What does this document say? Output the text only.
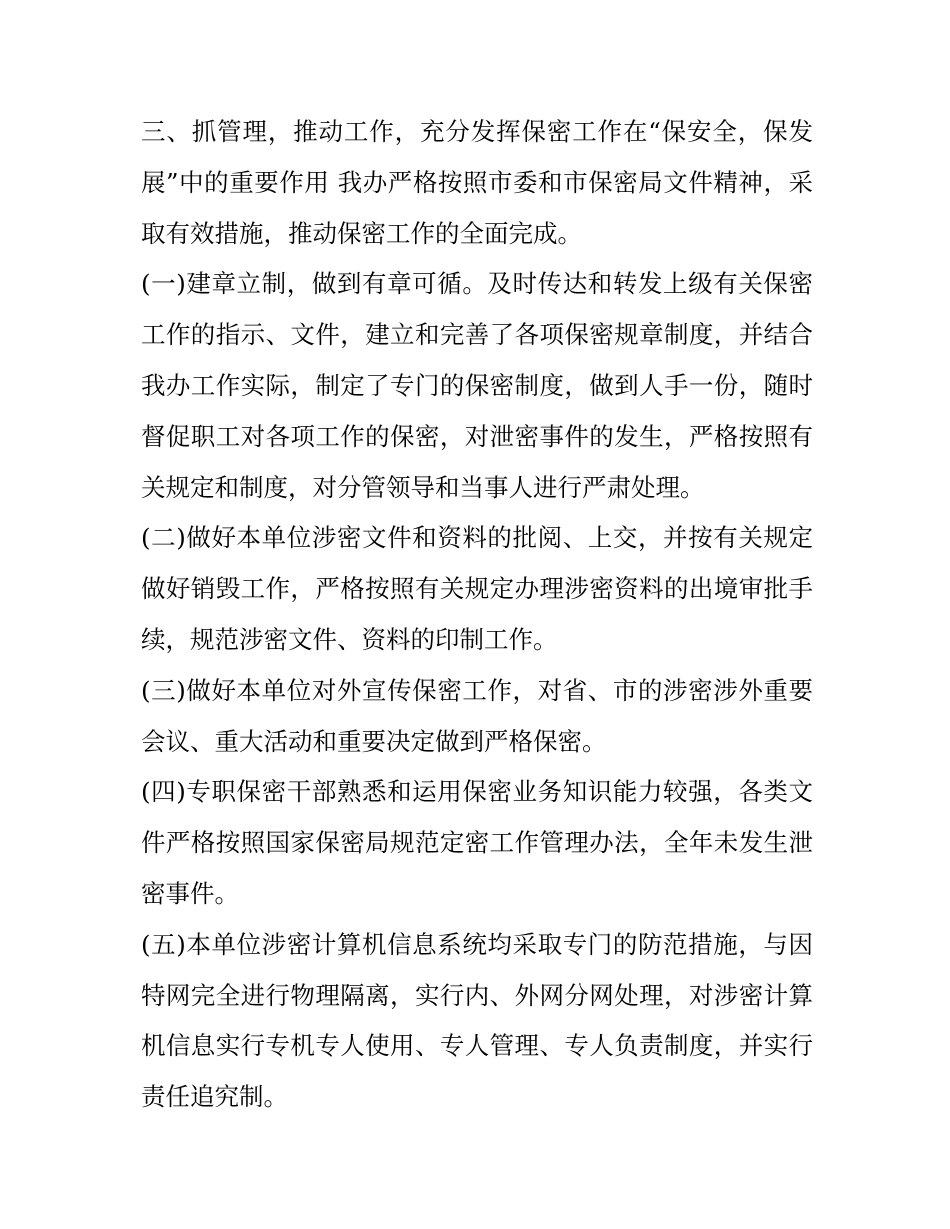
三、抓管理，推动工作，充分发挥保密工作在“保安全，保发展”中的重要作用 我办严格按照市委和市保密局文件精神，采取有效措施，推动保密工作的全面完成。

(一)建章立制，做到有章可循。及时传达和转发上级有关保密工作的指示、文件，建立和完善了各项保密规章制度，并结合我办工作实际，制定了专门的保密制度，做到人手一份，随时督促职工对各项工作的保密，对泄密事件的发生，严格按照有关规定和制度，对分管领导和当事人进行严肃处理。

(二)做好本单位涉密文件和资料的批阅、上交，并按有关规定做好销毁工作，严格按照有关规定办理涉密资料的出境审批手续，规范涉密文件、资料的印制工作。

(三)做好本单位对外宣传保密工作，对省、市的涉密涉外重要会议、重大活动和重要决定做到严格保密。

(四)专职保密干部熟悉和运用保密业务知识能力较强，各类文件严格按照国家保密局规范定密工作管理办法，全年未发生泄密事件。

(五)本单位涉密计算机信息系统均采取专门的防范措施，与因特网完全进行物理隔离，实行内、外网分网处理，对涉密计算机信息实行专机专人使用、专人管理、专人负责制度，并实行责任追究制。
